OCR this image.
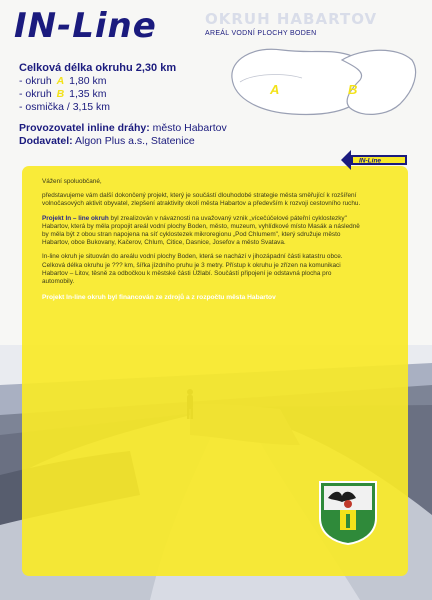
IN-Line	OKRUH HABARTOV
AREÁL VODNÍ PLOCHY BODEN
A	B
Celková délka okruhu 2,30 km
- okruh A 1,80 km
- okruh B 1,35 km
- osmička / 3,15 km
Provozovatel inline dráhy: město Habartov
Dodavatel: Algon Plus a.s., Statenice

Vážení spoluobčané,

představujeme vám další dokončený projekt, který je součástí dlouhodobé strategie města směřující k rozšíření volnočasových aktivit obyvatel, zlepšení atraktivity okolí města Habartov a především k rozvoji cestovního ruchu.

Projekt In – line okruh byl zrealizován v návaznosti na uvažovaný vznik „vícečúčelové páteřní cyklostezky" Habartov, která by měla propojit areál vodní plochy Boden, město, muzeum, vyhlídkové místo Masák a následně by měla být z obou stran napojena na síť cyklostezek mikroregionu „Pod Chlumem", který sdružuje město Habartov, obce Bukovany, Kačerov, Chlum, Citice, Dasnice, Josefov a město Svatava.

In-line okruh je situován do areálu vodní plochy Boden, která se nachází v jihozápadní části katastru obce. Celková délka okruhu je ??? km, šířka jízdního pruhu je 3 metry. Přístup k okruhu je zřízen na komunikaci Habartov – Litov, těsně za odbočkou k městské části Úžlabí. Součástí připojení je odstavná plocha pro automobily.

Projekt In-line okruh byl financován ze zdrojů a z rozpočtu města Habartov

IN-Line
